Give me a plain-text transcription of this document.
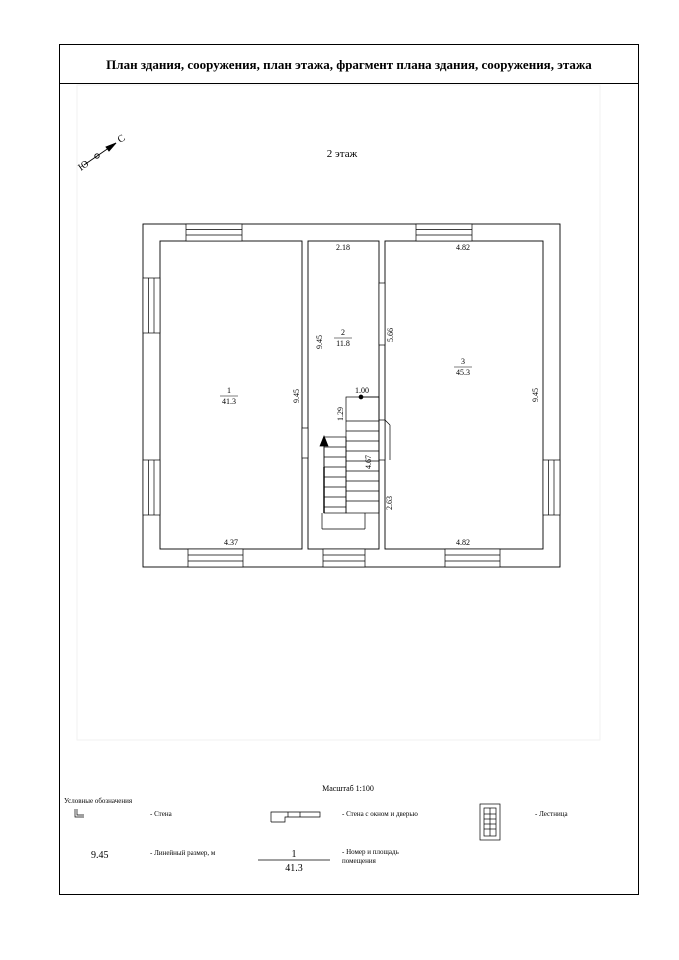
План здания, сооружения, план этажа, фрагмент плана здания, сооружения, этажа
С
Ю
2 этаж
1
41.3
2
11.8
3
45.3
4.37
9.45
2.18
9.45
4.82
4.82
9.45
5.66
1.00
1.29
4.67
2.63
Масштаб 1:100
Условные обозначения
- Стена	- Стена с окном и дверью	- Лестница
9.45	- Линейный размер, м	1
41.3
- Номер и площадь помещения
